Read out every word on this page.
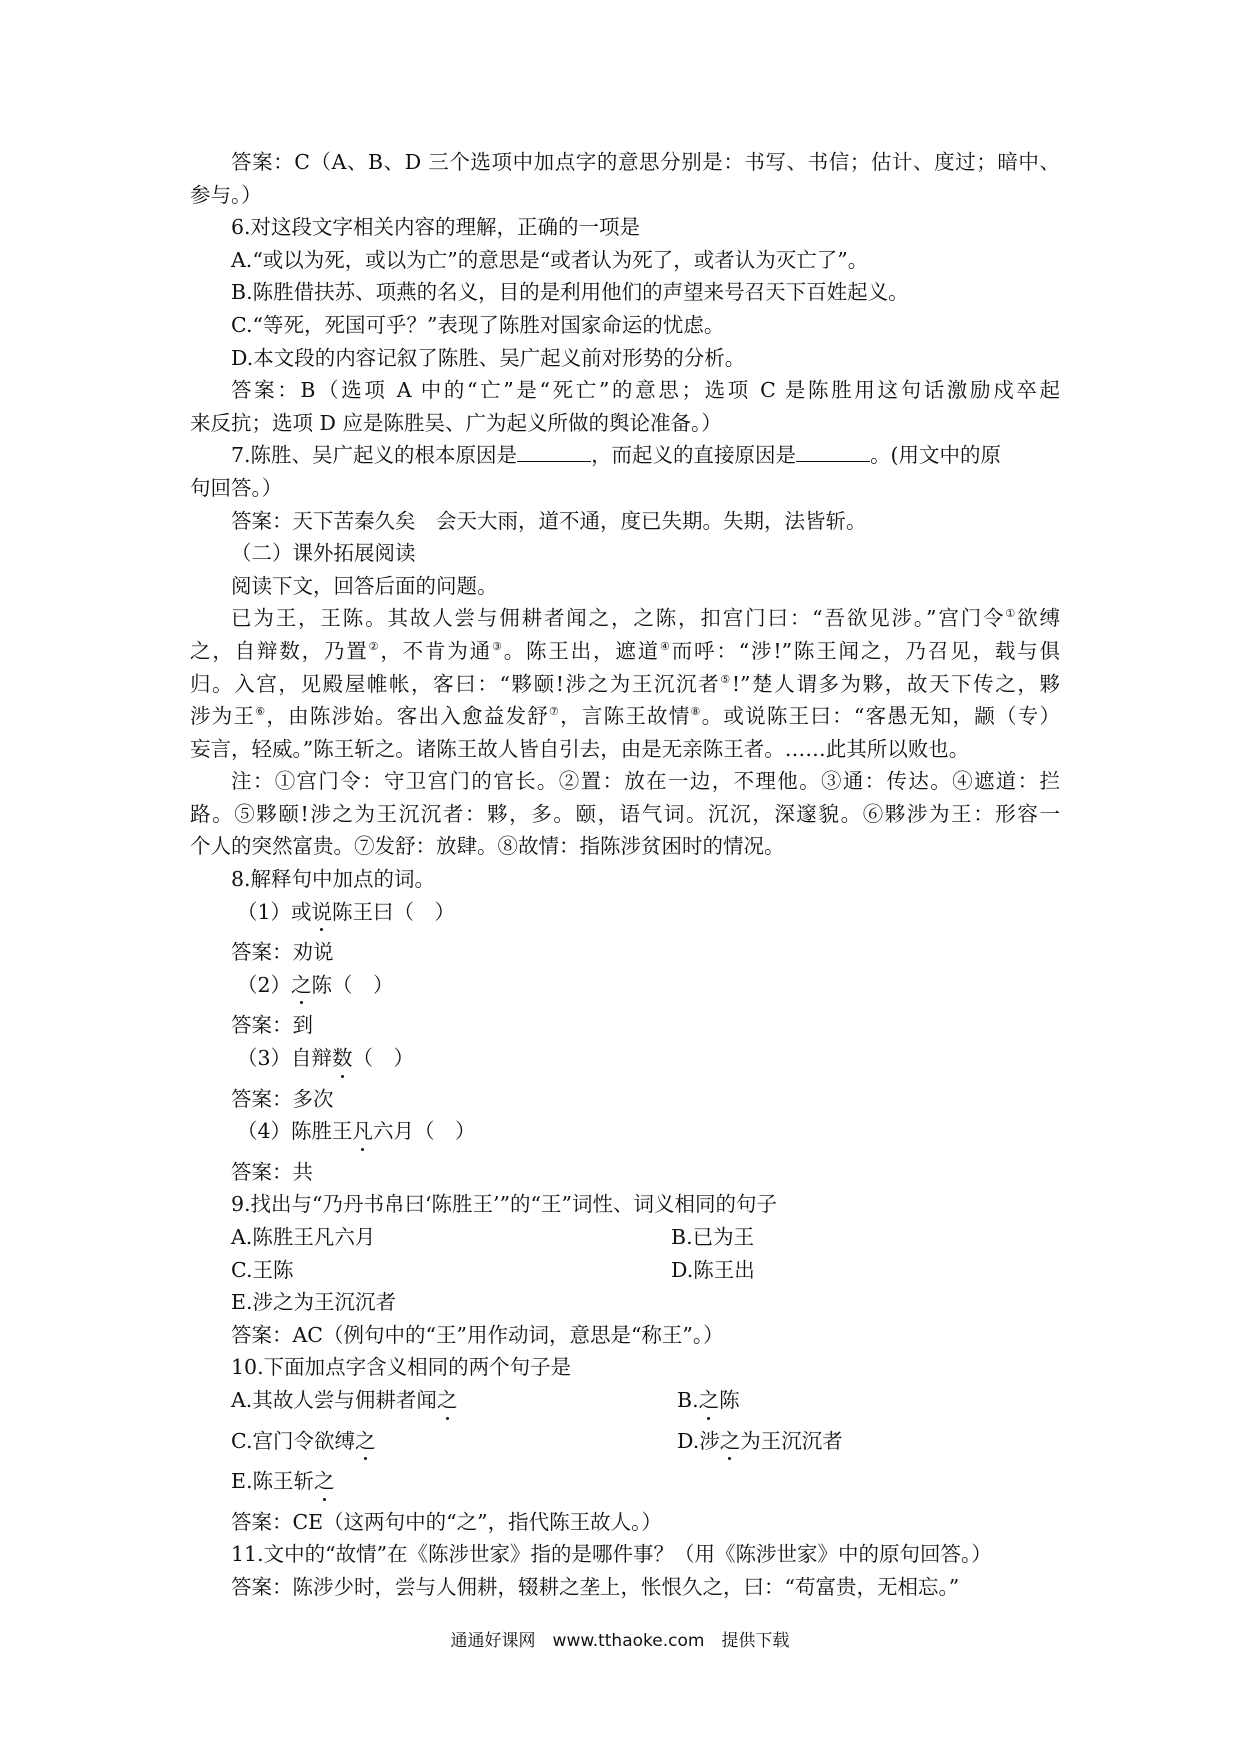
答案：C（A、B、D 三个选项中加点字的意思分别是：书写、书信；估计、度过；暗中、
参与。）
6.对这段文字相关内容的理解，正确的一项是
A.“或以为死，或以为亡”的意思是“或者认为死了，或者认为灭亡了”。
B.陈胜借扶苏、项燕的名义，目的是利用他们的声望来号召天下百姓起义。
C.“等死，死国可乎？”表现了陈胜对国家命运的忧虑。
D.本文段的内容记叙了陈胜、吴广起义前对形势的分析。
答案：B（选项 A 中的“亡”是“死亡”的意思；选项 C 是陈胜用这句话激励戍卒起
来反抗；选项 D 应是陈胜吴、广为起义所做的舆论准备。）
7.陈胜、吴广起义的根本原因是	，而起义的直接原因是	。(用文中的原
句回答。）
答案：天下苦秦久矣　会天大雨，道不通，度已失期。失期，法皆斩。
（二）课外拓展阅读
阅读下文，回答后面的问题。
已为王，王陈。其故人尝与佣耕者闻之，之陈，扣宫门曰：“吾欲见涉。”宫门令①欲缚
之，自辩数，乃置②，不肯为通③。陈王出，遮道④而呼：“涉!”陈王闻之，乃召见，载与俱
归。入宫，见殿屋帷帐，客曰：“夥颐!涉之为王沉沉者⑤!”楚人谓多为夥，故天下传之，夥
涉为王⑥，由陈涉始。客出入愈益发舒⑦，言陈王故情⑧。或说陈王曰：“客愚无知，颛（专）
妄言，轻威。”陈王斩之。诸陈王故人皆自引去，由是无亲陈王者。……此其所以败也。
注：①宫门令：守卫宫门的官长。②置：放在一边，不理他。③通：传达。④遮道：拦
路。⑤夥颐!涉之为王沉沉者：夥，多。颐，语气词。沉沉，深邃貌。⑥夥涉为王：形容一
个人的突然富贵。⑦发舒：放肆。⑧故情：指陈涉贫困时的情况。
8.解释句中加点的词。
（1）或说陈王曰（　）
答案：劝说
（2）之陈（　）
答案：到
（3）自辩数（　）
答案：多次
（4）陈胜王凡六月（　）
答案：共
9.找出与“乃丹书帛曰‘陈胜王’”的“王”词性、词义相同的句子
A.陈胜王凡六月	B.已为王
C.王陈	D.陈王出
E.涉之为王沉沉者
答案：AC（例句中的“王”用作动词，意思是“称王”。）
10.下面加点字含义相同的两个句子是
A.其故人尝与佣耕者闻之	B.之陈
C.宫门令欲缚之	D.涉之为王沉沉者
E.陈王斩之
答案：CE（这两句中的“之”，指代陈王故人。）
11.文中的“故情”在《陈涉世家》指的是哪件事？（用《陈涉世家》中的原句回答。）
答案：陈涉少时，尝与人佣耕，辍耕之垄上，怅恨久之，曰：“苟富贵，无相忘。”
通通好课网　www.tthaoke.com　提供下载
